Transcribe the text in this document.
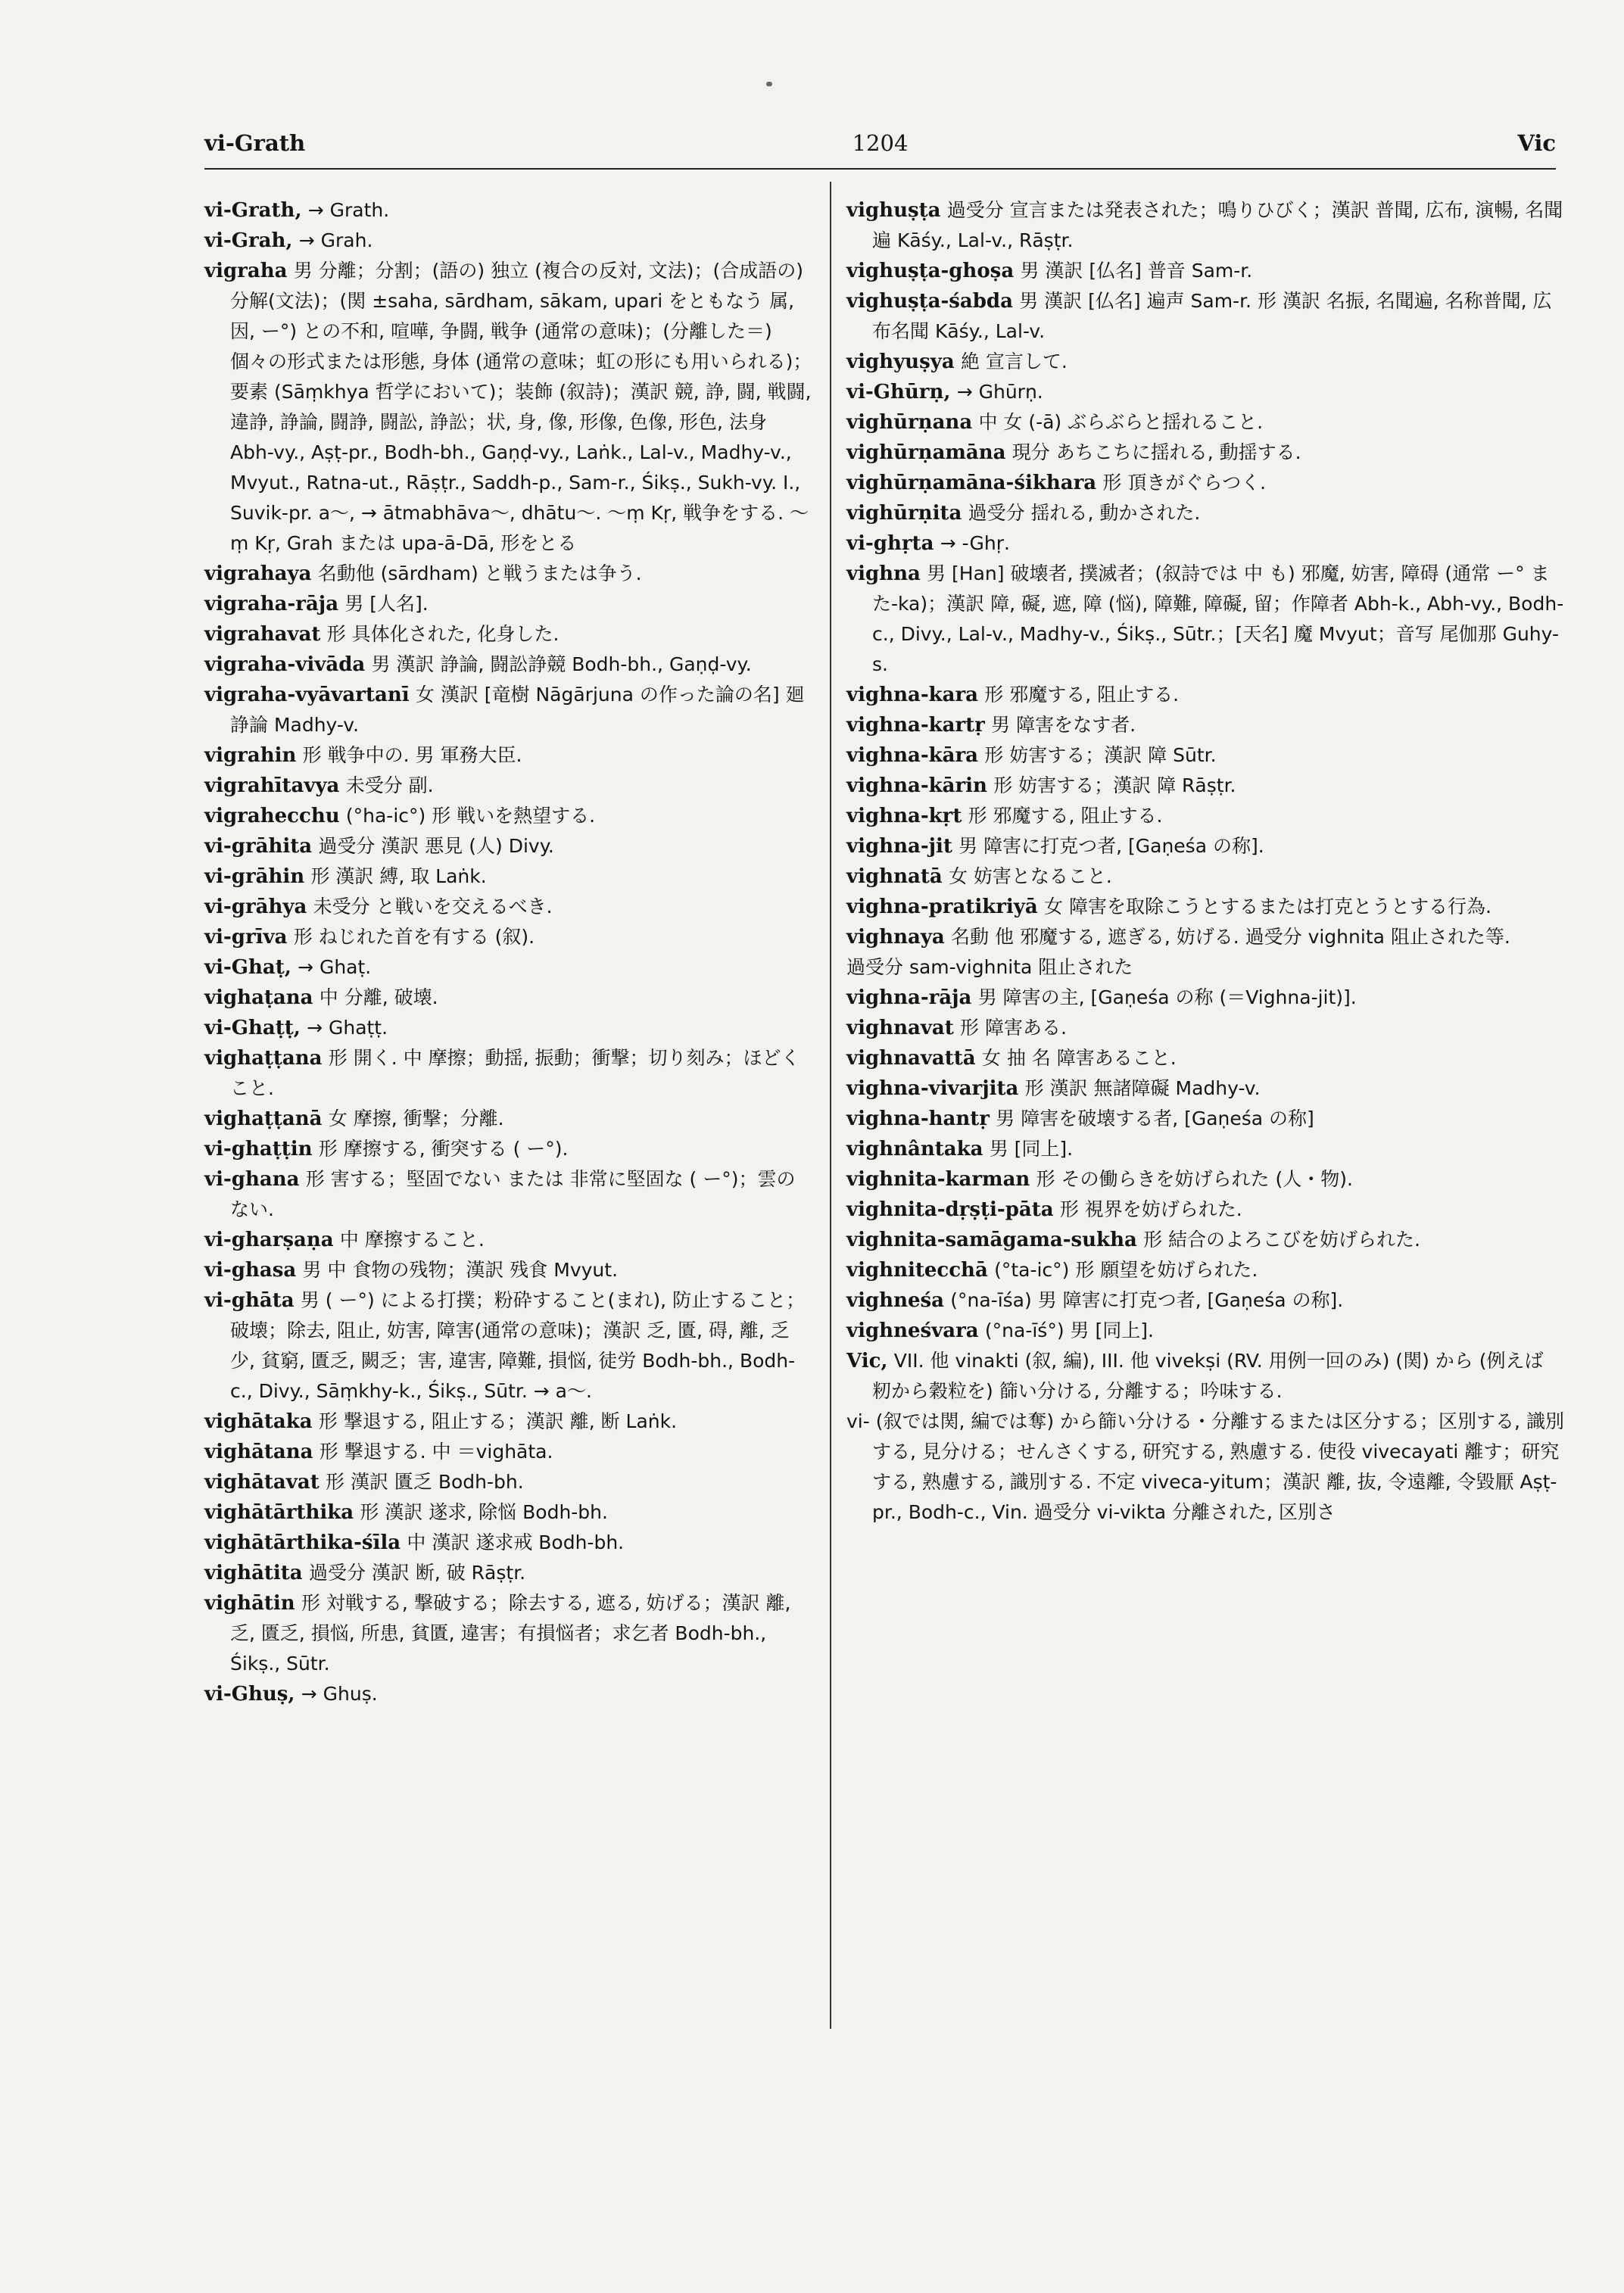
vi-Grath	1204	Vic
vi-Grath, → Grath.
vi-Grah, → Grah.
vigraha 男 分離；分割；(語の) 独立 (複合の反対, 文法)；(合成語の)分解(文法)；(関 ±saha, sārdham, sākam, upari をともなう 属, 因, ー°) との不和, 喧嘩, 争闘, 戦争 (通常の意味)；(分離した＝) 個々の形式または形態, 身体 (通常の意味；虹の形にも用いられる)；要素 (Sāṃkhya 哲学において)；装飾 (叙詩)；漢訳 競, 諍, 闘, 戦闘, 違諍, 諍論, 闘諍, 闘訟, 諍訟；状, 身, 像, 形像, 色像, 形色, 法身 Abh-vy., Aṣṭ-pr., Bodh-bh., Gaṇḍ-vy., Laṅk., Lal-v., Madhy-v., Mvyut., Ratna-ut., Rāṣṭr., Saddh-p., Sam-r., Śikṣ., Sukh-vy. I., Suvik-pr. a～, → ātmabhāva～, dhātu～. ～ṃ Kṛ, 戦争をする. ～ṃ Kṛ, Grah または upa-ā-Dā, 形をとる
vigrahaya 名動他 (sārdham) と戦うまたは争う.
vigraha-rāja 男 [人名].
vigrahavat 形 具体化された, 化身した.
vigraha-vivāda 男 漢訳 諍論, 闘訟諍競 Bodh-bh., Gaṇḍ-vy.
vigraha-vyāvartanī 女 漢訳 [竜樹 Nāgārjuna の作った論の名] 廻諍論 Madhy-v.
vigrahin 形 戦争中の. 男 軍務大臣.
vigrahītavya 未受分 副.
vigrahecchu (°ha-ic°) 形 戦いを熱望する.
vi-grāhita 過受分 漢訳 悪見 (人) Divy.
vi-grāhin 形 漢訳 縛, 取 Laṅk.
vi-grāhya 未受分 と戦いを交えるべき.
vi-grīva 形 ねじれた首を有する (叙).
vi-Ghaṭ, → Ghaṭ.
vighaṭana 中 分離, 破壊.
vi-Ghaṭṭ, → Ghaṭṭ.
vighaṭṭana 形 開く. 中 摩擦；動揺, 振動；衝撃；切り刻み；ほどくこと.
vighaṭṭanā 女 摩擦, 衝撃；分離.
vi-ghaṭṭin 形 摩擦する, 衝突する ( ー°).
vi-ghana 形 害する；堅固でない または 非常に堅固な ( ー°)；雲のない.
vi-gharṣaṇa 中 摩擦すること.
vi-ghasa 男 中 食物の残物；漢訳 残食 Mvyut.
vi-ghāta 男 ( ー°) による打撲；粉砕すること(まれ), 防止すること；破壊；除去, 阻止, 妨害, 障害(通常の意味)；漢訳 乏, 匱, 碍, 離, 乏少, 貧窮, 匱乏, 闕乏；害, 違害, 障難, 損悩, 徒労 Bodh-bh., Bodh-c., Divy., Sāṃkhy-k., Śikṣ., Sūtr. → a～.
vighātaka 形 撃退する, 阻止する；漢訳 離, 断 Laṅk.
vighātana 形 撃退する. 中 ＝vighāta.
vighātavat 形 漢訳 匱乏 Bodh-bh.
vighātārthika 形 漢訳 遂求, 除悩 Bodh-bh.
vighātārthika-śīla 中 漢訳 遂求戒 Bodh-bh.
vighātita 過受分 漢訳 断, 破 Rāṣṭr.
vighātin 形 対戦する, 撃破する；除去する, 遮る, 妨げる；漢訳 離, 乏, 匱乏, 損悩, 所患, 貧匱, 違害；有損悩者；求乞者 Bodh-bh., Śikṣ., Sūtr.
vi-Ghuṣ, → Ghuṣ.
vighuṣṭa 過受分 宣言または発表された；鳴りひびく；漢訳 普聞, 広布, 演暢, 名聞遍 Kāśy., Lal-v., Rāṣṭr.
vighuṣṭa-ghoṣa 男 漢訳 [仏名] 普音 Sam-r.
vighuṣṭa-śabda 男 漢訳 [仏名] 遍声 Sam-r. 形 漢訳 名振, 名聞遍, 名称普聞, 広布名聞 Kāśy., Lal-v.
vighyuṣya 絶 宣言して.
vi-Ghūrṇ, → Ghūrṇ.
vighūrṇana 中 女 (-ā) ぶらぶらと揺れること.
vighūrṇamāna 現分 あちこちに揺れる, 動揺する.
vighūrṇamāna-śikhara 形 頂きがぐらつく.
vighūrṇita 過受分 揺れる, 動かされた.
vi-ghṛta → -Ghṛ.
vighna 男 [Han] 破壊者, 撲滅者；(叙詩では 中 も) 邪魔, 妨害, 障碍 (通常 ー° また-ka)；漢訳 障, 礙, 遮, 障 (悩), 障難, 障礙, 留；作障者 Abh-k., Abh-vy., Bodh-c., Divy., Lal-v., Madhy-v., Śikṣ., Sūtr.；[天名] 魔 Mvyut；音写 尾伽那 Guhy-s.
vighna-kara 形 邪魔する, 阻止する.
vighna-kartṛ 男 障害をなす者.
vighna-kāra 形 妨害する；漢訳 障 Sūtr.
vighna-kārin 形 妨害する；漢訳 障 Rāṣṭr.
vighna-kṛt 形 邪魔する, 阻止する.
vighna-jit 男 障害に打克つ者, [Gaṇeśa の称].
vighnatā 女 妨害となること.
vighna-pratikriyā 女 障害を取除こうとするまたは打克とうとする行為.
vighnaya 名動 他 邪魔する, 遮ぎる, 妨げる. 過受分 vighnita 阻止された等.
過受分 sam-vighnita 阻止された
vighna-rāja 男 障害の主, [Gaṇeśa の称 (＝Vighna-jit)].
vighnavat 形 障害ある.
vighnavattā 女 抽 名 障害あること.
vighna-vivarjita 形 漢訳 無諸障礙 Madhy-v.
vighna-hantṛ 男 障害を破壊する者, [Gaṇeśa の称]
vighnântaka 男 [同上].
vighnita-karman 形 その働らきを妨げられた (人・物).
vighnita-dṛṣṭi-pāta 形 視界を妨げられた.
vighnita-samāgama-sukha 形 結合のよろこびを妨げられた.
vighnitecchā (°ta-ic°) 形 願望を妨げられた.
vighneśa (°na-īśa) 男 障害に打克つ者, [Gaṇeśa の称].
vighneśvara (°na-īś°) 男 [同上].
Vic, VII. 他 vinakti (叙, 編), III. 他 vivekṣi (RV. 用例一回のみ) (関) から (例えば 籾から穀粒を) 篩い分ける, 分離する；吟味する.
vi- (叙では関, 編では奪) から篩い分ける・分離するまたは区分する；区別する, 識別する, 見分ける；せんさくする, 研究する, 熟慮する. 使役 vivecayati 離す；研究する, 熟慮する, 識別する. 不定 viveca-yitum；漢訳 離, 抜, 令遠離, 令毀厭 Aṣṭ-pr., Bodh-c., Vin. 過受分 vi-vikta 分離された, 区別さ
